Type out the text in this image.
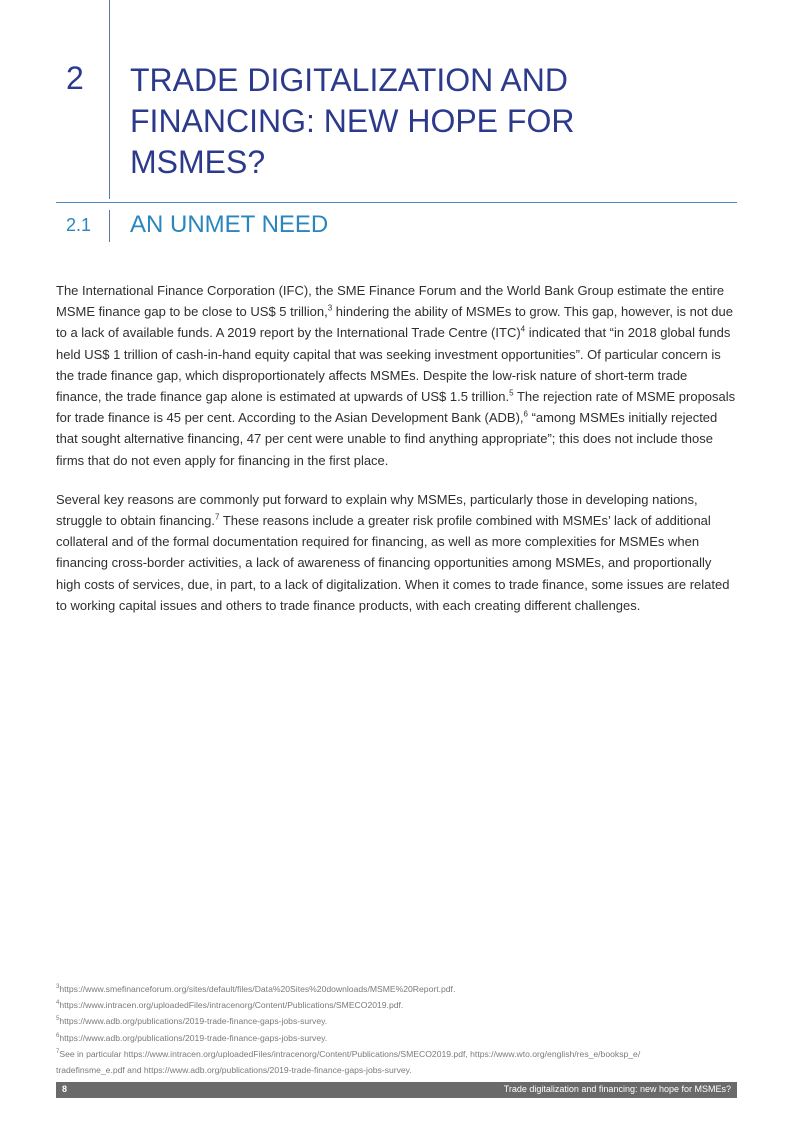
2 TRADE DIGITALIZATION AND FINANCING: NEW HOPE FOR MSMES?
2.1 AN UNMET NEED

The International Finance Corporation (IFC), the SME Finance Forum and the World Bank Group estimate the entire MSME finance gap to be close to US$ 5 trillion,$^3$ hindering the ability of MSMEs to grow. This gap, however, is not due to a lack of available funds. A 2019 report by the International Trade Centre (ITC)$^4$ indicated that “in 2018 global funds held US$ 1 trillion of cash-in-hand equity capital that was seeking investment opportunities”. Of particular concern is the trade finance gap, which disproportionately affects MSMEs. Despite the low-risk nature of short-term trade finance, the trade finance gap alone is estimated at upwards of US$ 1.5 trillion.$^5$ The rejection rate of MSME proposals for trade finance is 45 per cent. According to the Asian Development Bank (ADB),$^6$ “among MSMEs initially rejected that sought alternative financing, 47 per cent were unable to find anything appropriate”; this does not include those firms that do not even apply for financing in the first place.

Several key reasons are commonly put forward to explain why MSMEs, particularly those in developing nations, struggle to obtain financing.$^7$ These reasons include a greater risk profile combined with MSMEs’ lack of additional collateral and of the formal documentation required for financing, as well as more complexities for MSMEs when financing cross-border activities, a lack of awareness of financing opportunities among MSMEs, and proportionally high costs of services, due, in part, to a lack of digitalization. When it comes to trade finance, some issues are related to working capital issues and others to trade finance products, with each creating different challenges.

$^3$https://www.smefinanceforum.org/sites/default/files/Data%20Sites%20downloads/MSME%20Report.pdf.
$^4$https://www.intracen.org/uploadedFiles/intracenorg/Content/Publications/SMECO2019.pdf.
$^5$https://www.adb.org/publications/2019-trade-finance-gaps-jobs-survey.
$^6$https://www.adb.org/publications/2019-trade-finance-gaps-jobs-survey.
$^7$See in particular https://www.intracen.org/uploadedFiles/intracenorg/Content/Publications/SMECO2019.pdf, https://www.wto.org/english/res_e/booksp_e/
tradefinsme_e.pdf and https://www.adb.org/publications/2019-trade-finance-gaps-jobs-survey.
8	Trade digitalization and financing: new hope for MSMEs?
